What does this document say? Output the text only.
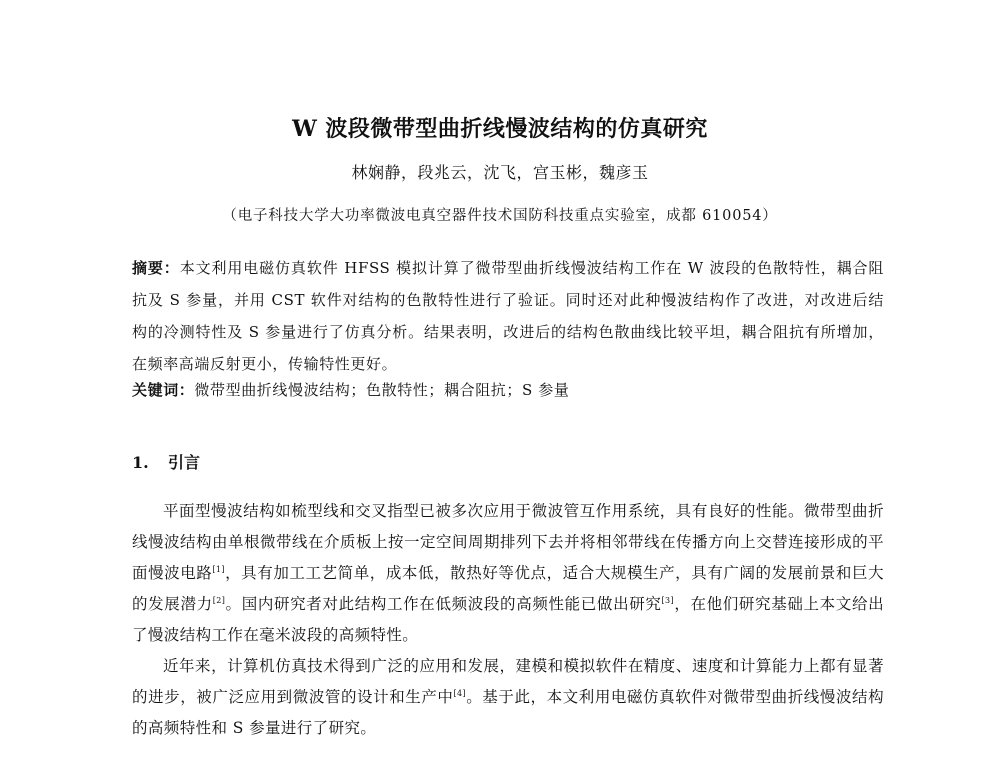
W 波段微带型曲折线慢波结构的仿真研究
林娴静，段兆云，沈飞，宫玉彬，魏彦玉
（电子科技大学大功率微波电真空器件技术国防科技重点实验室，成都 610054）

摘要：本文利用电磁仿真软件 HFSS 模拟计算了微带型曲折线慢波结构工作在 W 波段的色散特性，耦合阻抗及 S 参量，并用 CST 软件对结构的色散特性进行了验证。同时还对此种慢波结构作了改进，对改进后结构的冷测特性及 S 参量进行了仿真分析。结果表明，改进后的结构色散曲线比较平坦，耦合阻抗有所增加，在频率高端反射更小，传输特性更好。

关键词：微带型曲折线慢波结构；色散特性；耦合阻抗；S 参量

1. 引言

平面型慢波结构如梳型线和交叉指型已被多次应用于微波管互作用系统，具有良好的性能。微带型曲折线慢波结构由单根微带线在介质板上按一定空间周期排列下去并将相邻带线在传播方向上交替连接形成的平面慢波电路[1]，具有加工工艺简单，成本低，散热好等优点，适合大规模生产，具有广阔的发展前景和巨大的发展潜力[2]。国内研究者对此结构工作在低频波段的高频性能已做出研究[3]，在他们研究基础上本文给出了慢波结构工作在毫米波段的高频特性。

近年来，计算机仿真技术得到广泛的应用和发展，建模和模拟软件在精度、速度和计算能力上都有显著的进步，被广泛应用到微波管的设计和生产中[4]。基于此，本文利用电磁仿真软件对微带型曲折线慢波结构的高频特性和 S 参量进行了研究。
